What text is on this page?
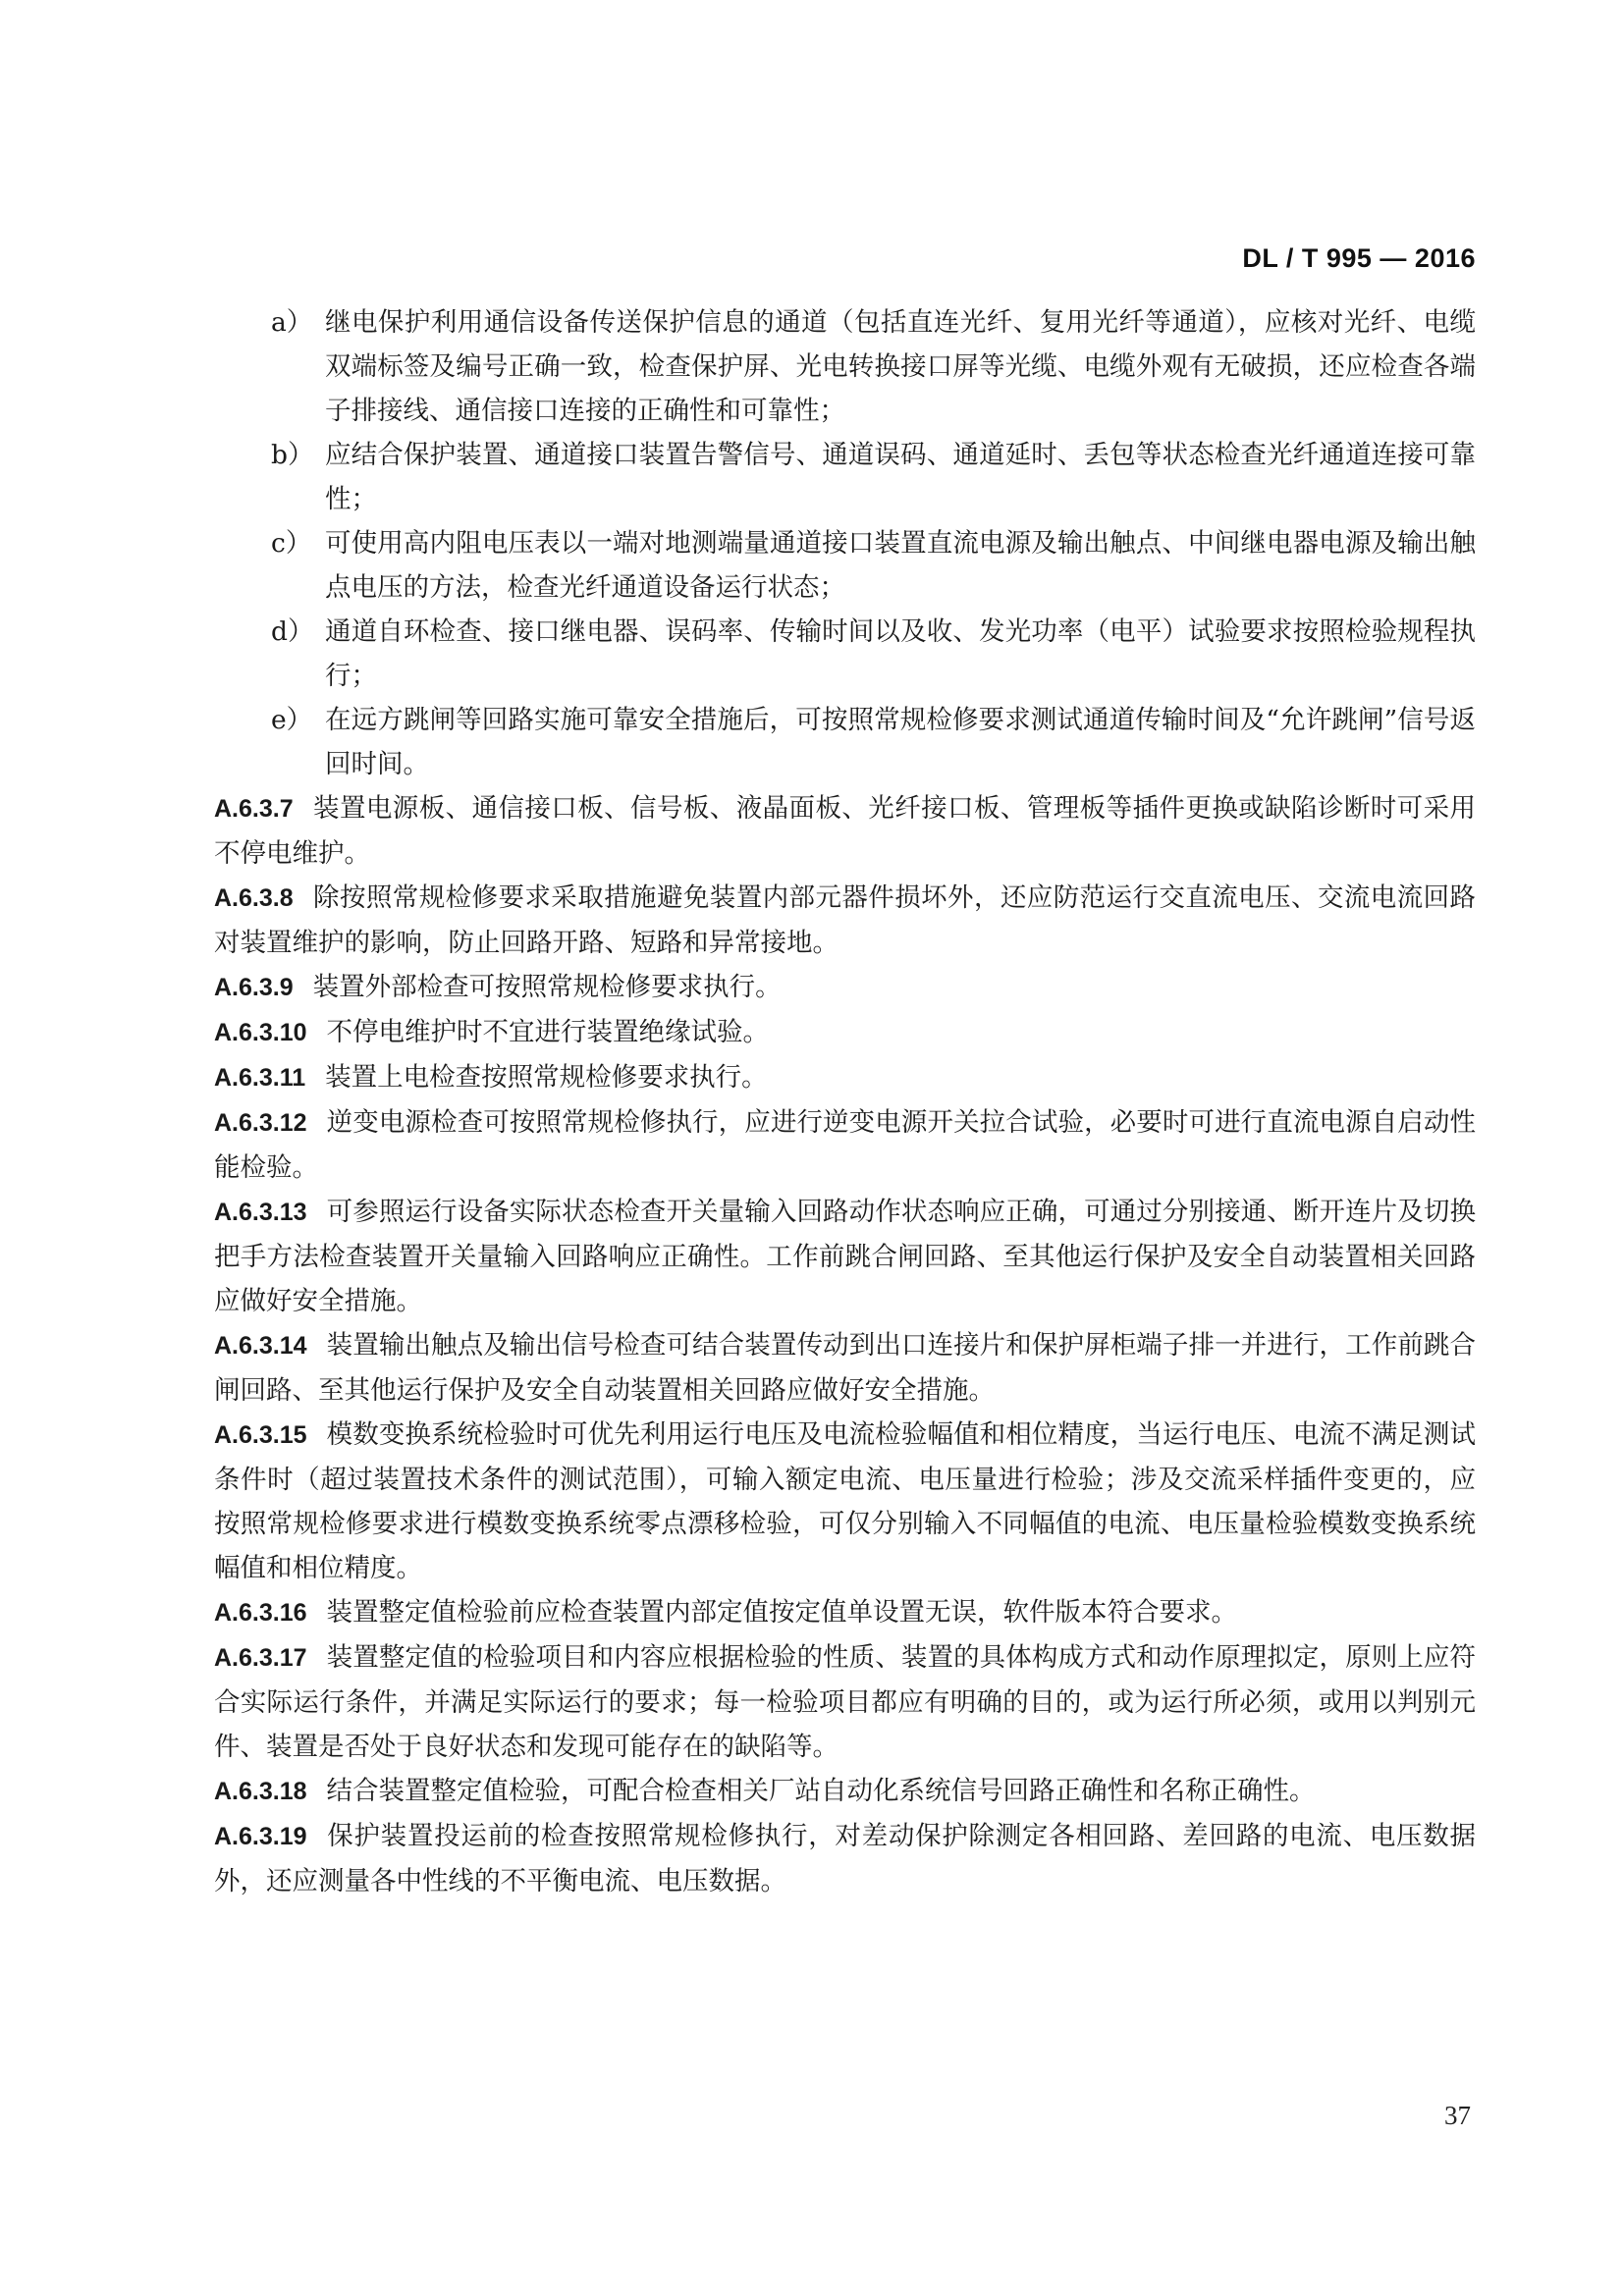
DL / T 995 — 2016
a） 继电保护利用通信设备传送保护信息的通道（包括直连光纤、复用光纤等通道），应核对光纤、电缆双端标签及编号正确一致，检查保护屏、光电转换接口屏等光缆、电缆外观有无破损，还应检查各端子排接线、通信接口连接的正确性和可靠性；
b） 应结合保护装置、通道接口装置告警信号、通道误码、通道延时、丢包等状态检查光纤通道连接可靠性；
c） 可使用高内阻电压表以一端对地测端量通道接口装置直流电源及输出触点、中间继电器电源及输出触点电压的方法，检查光纤通道设备运行状态；
d） 通道自环检查、接口继电器、误码率、传输时间以及收、发光功率（电平）试验要求按照检验规程执行；
e） 在远方跳闸等回路实施可靠安全措施后，可按照常规检修要求测试通道传输时间及“允许跳闸”信号返回时间。
A.6.3.7 装置电源板、通信接口板、信号板、液晶面板、光纤接口板、管理板等插件更换或缺陷诊断时可采用不停电维护。
A.6.3.8 除按照常规检修要求采取措施避免装置内部元器件损坏外，还应防范运行交直流电压、交流电流回路对装置维护的影响，防止回路开路、短路和异常接地。
A.6.3.9 装置外部检查可按照常规检修要求执行。
A.6.3.10 不停电维护时不宜进行装置绝缘试验。
A.6.3.11 装置上电检查按照常规检修要求执行。
A.6.3.12 逆变电源检查可按照常规检修执行，应进行逆变电源开关拉合试验，必要时可进行直流电源自启动性能检验。
A.6.3.13 可参照运行设备实际状态检查开关量输入回路动作状态响应正确，可通过分别接通、断开连片及切换把手方法检查装置开关量输入回路响应正确性。工作前跳合闸回路、至其他运行保护及安全自动装置相关回路应做好安全措施。
A.6.3.14 装置输出触点及输出信号检查可结合装置传动到出口连接片和保护屏柜端子排一并进行，工作前跳合闸回路、至其他运行保护及安全自动装置相关回路应做好安全措施。
A.6.3.15 模数变换系统检验时可优先利用运行电压及电流检验幅值和相位精度，当运行电压、电流不满足测试条件时（超过装置技术条件的测试范围），可输入额定电流、电压量进行检验；涉及交流采样插件变更的，应按照常规检修要求进行模数变换系统零点漂移检验，可仅分别输入不同幅值的电流、电压量检验模数变换系统幅值和相位精度。
A.6.3.16 装置整定值检验前应检查装置内部定值按定值单设置无误，软件版本符合要求。
A.6.3.17 装置整定值的检验项目和内容应根据检验的性质、装置的具体构成方式和动作原理拟定，原则上应符合实际运行条件，并满足实际运行的要求；每一检验项目都应有明确的目的，或为运行所必须，或用以判别元件、装置是否处于良好状态和发现可能存在的缺陷等。
A.6.3.18 结合装置整定值检验，可配合检查相关厂站自动化系统信号回路正确性和名称正确性。
A.6.3.19 保护装置投运前的检查按照常规检修执行，对差动保护除测定各相回路、差回路的电流、电压数据外，还应测量各中性线的不平衡电流、电压数据。
37
